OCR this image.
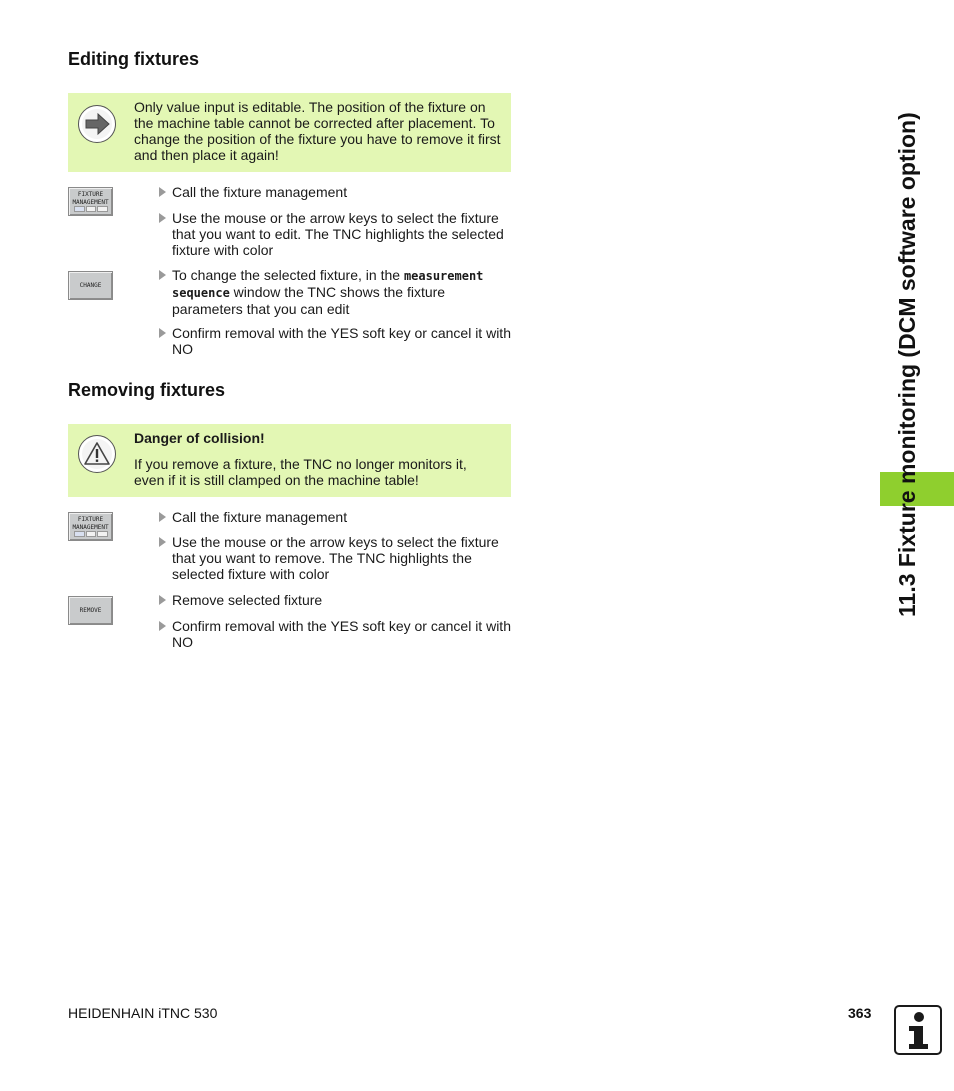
Editing fixtures
Only value input is editable. The position of the fixture on the machine table cannot be corrected after placement. To change the position of the fixture you have to remove it first and then place it again!
FIXTURE
MANAGEMENT
CHANGE
Call the fixture management
Use the mouse or the arrow keys to select the fixture that you want to edit. The TNC highlights the selected fixture with color
To change the selected fixture, in the measurement sequence window the TNC shows the fixture parameters that you can edit
Confirm removal with the YES soft key or cancel it with NO
Removing fixtures
Danger of collision!
If you remove a fixture, the TNC no longer monitors it, even if it is still clamped on the machine table!
FIXTURE
MANAGEMENT
REMOVE
Call the fixture management
Use the mouse or the arrow keys to select the fixture that you want to remove. The TNC highlights the selected fixture with color
Remove selected fixture
Confirm removal with the YES soft key or cancel it with NO
11.3 Fixture monitoring (DCM software option)
HEIDENHAIN iTNC 530	363
